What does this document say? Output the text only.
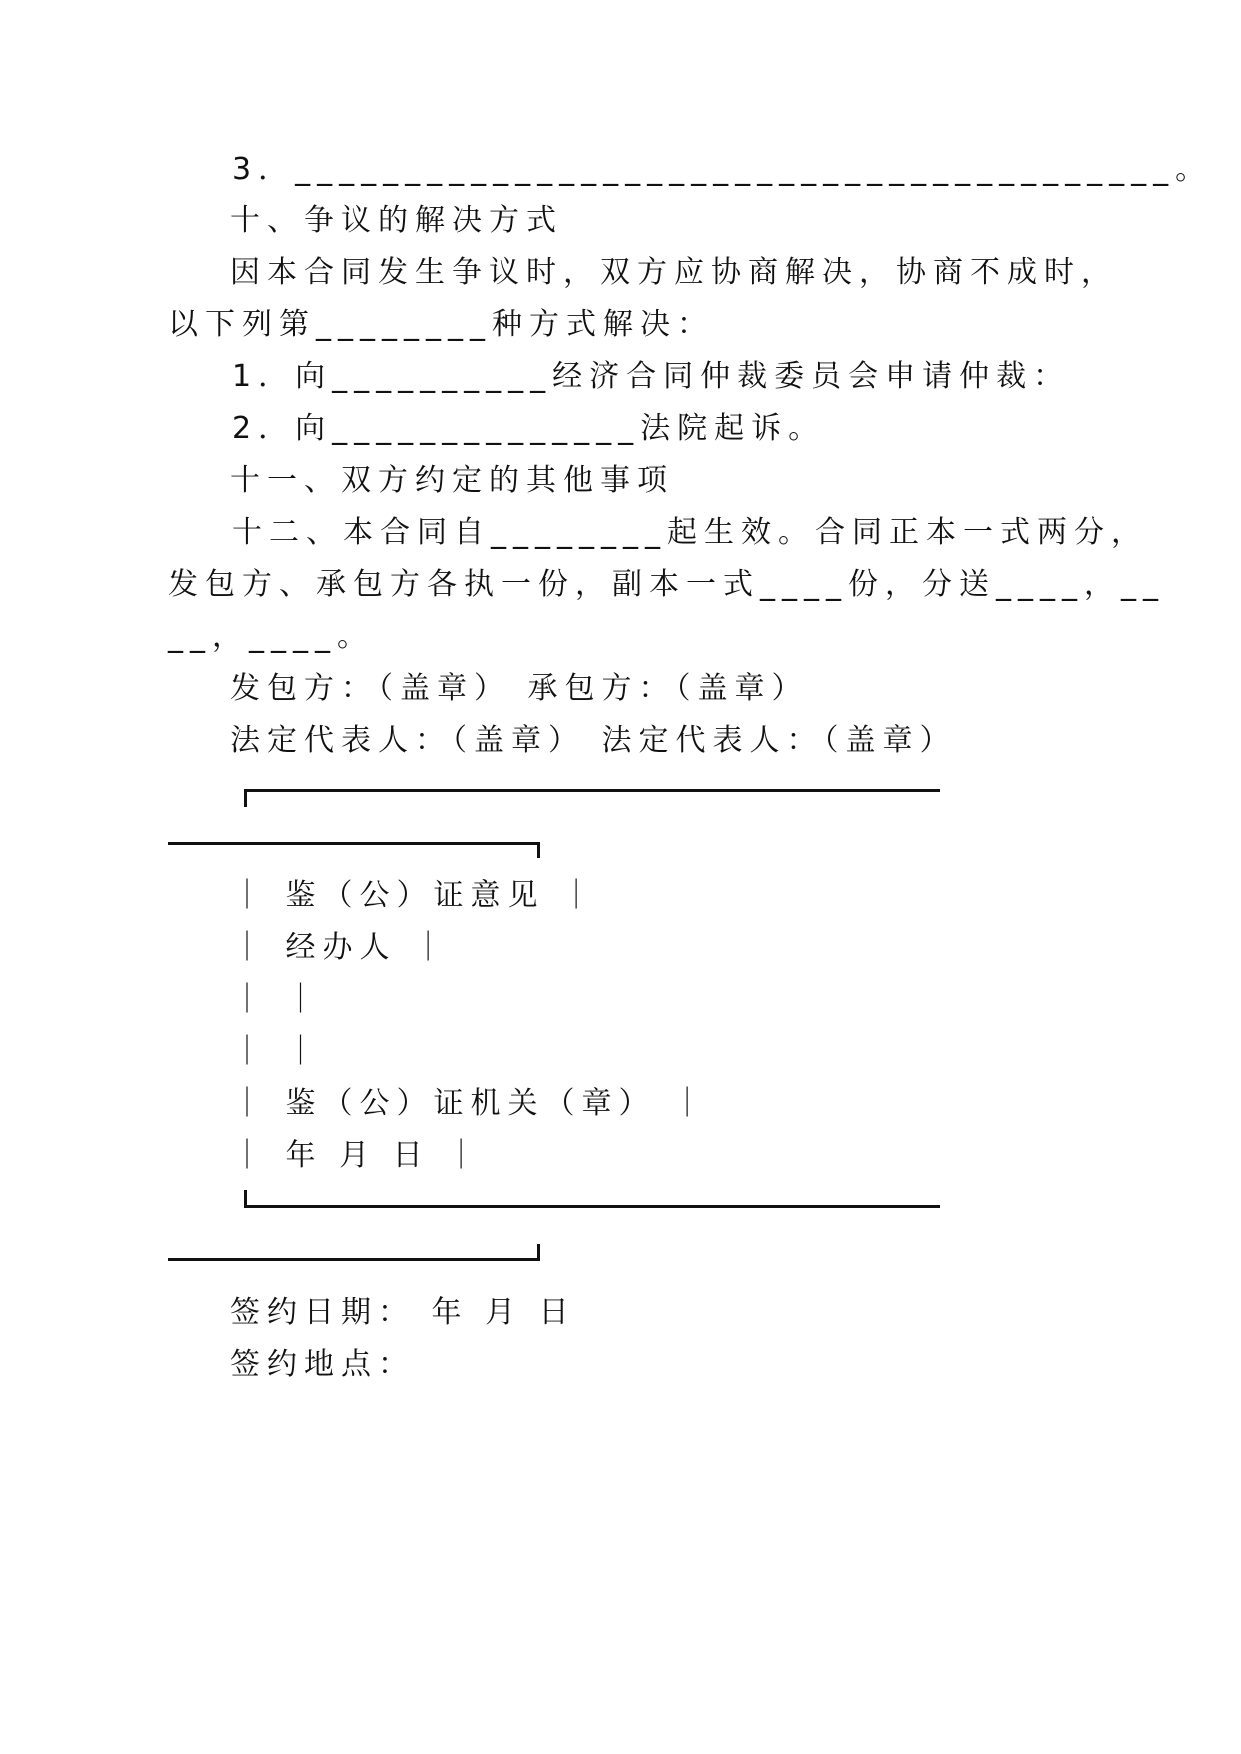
3．________________________________________。
十、争议的解决方式
因本合同发生争议时，双方应协商解决，协商不成时，
以下列第________种方式解决：
1．向__________经济合同仲裁委员会申请仲裁：
2．向______________法院起诉。
十一、双方约定的其他事项
十二、本合同自________起生效。合同正本一式两分，
发包方、承包方各执一份，副本一式____份，分送____，__
__，____。
发包方：（盖章） 承包方：（盖章）
法定代表人：（盖章） 法定代表人：（盖章）
｜ 鉴（公）证意见 ｜
｜ 经办人 ｜
｜ ｜
｜ ｜
｜ 鉴（公）证机关（章） ｜
｜ 年 月 日 ｜
签约日期： 年 月 日
签约地点：
